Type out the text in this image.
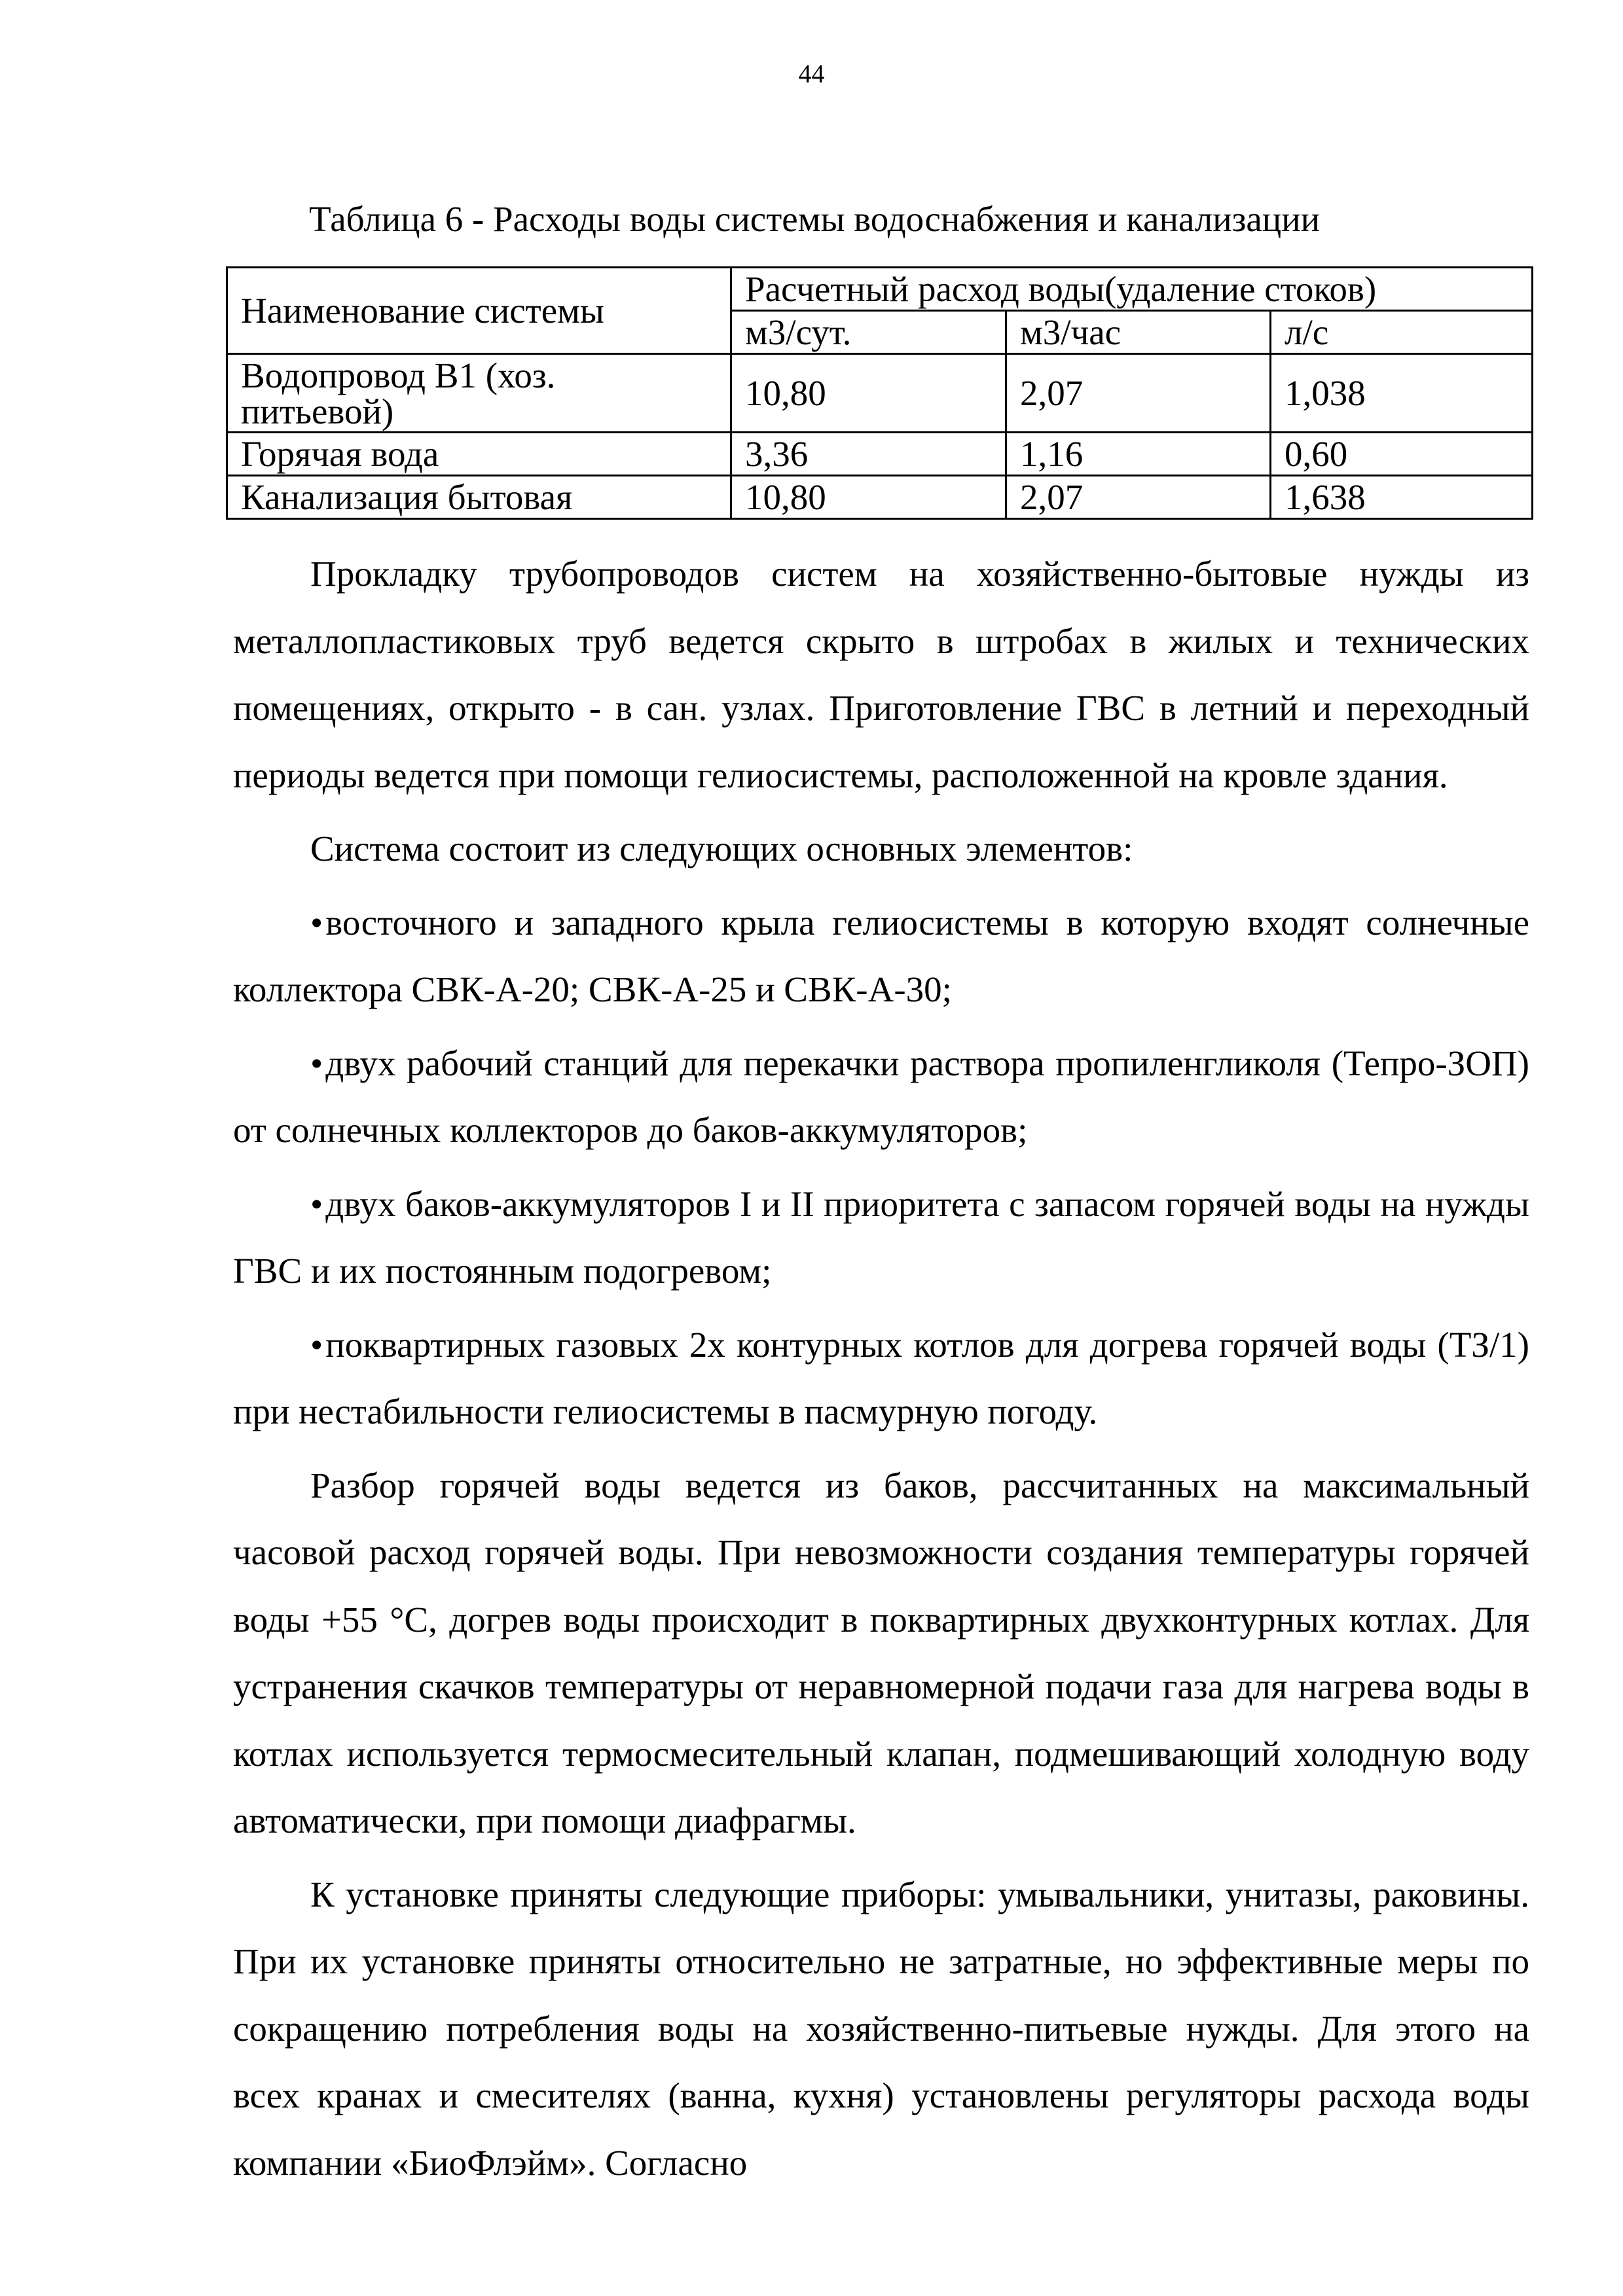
44
Таблица 6 - Расходы воды системы водоснабжения и канализации
Наименование системы	Расчетный расход воды(удаление стоков)		
	м3/сут.	м3/час	л/с
Водопровод В1 (хоз. питьевой)	10,80	2,07	1,038
Горячая вода	3,36	1,16	0,60
Канализация бытовая	10,80	2,07	1,638

Прокладку трубопроводов систем на хозяйственно-бытовые нужды из металлопластиковых труб ведется скрыто в штробах в жилых и технических помещениях, открыто - в сан. узлах. Приготовление ГВС в летний и переходный периоды ведется при помощи гелиосистемы, расположенной на кровле здания.

Система состоит из следующих основных элементов:

•восточного и западного крыла гелиосистемы в которую входят солнечные коллектора СВК-А-20; СВК-А-25 и СВК-А-30;

•двух рабочий станций для перекачки раствора пропиленгликоля (Тепро-ЗОП) от солнечных коллекторов до баков-аккумуляторов;

•двух баков-аккумуляторов I и II приоритета с запасом горячей воды на нужды ГВС и их постоянным подогревом;

•поквартирных газовых 2х контурных котлов для догрева горячей воды (ТЗ/1) при нестабильности гелиосистемы в пасмурную погоду.

Разбор горячей воды ведется из баков, рассчитанных на максимальный часовой расход горячей воды. При невозможности создания температуры горячей воды +55 °С, догрев воды происходит в поквартирных двухконтурных котлах. Для устранения скачков температуры от неравномерной подачи газа для нагрева воды в котлах используется термосмесительный клапан, подмешивающий холодную воду автоматически, при помощи диафрагмы.

К установке приняты следующие приборы: умывальники, унитазы, раковины. При их установке приняты относительно не затратные, но эффективные меры по сокращению потребления воды на хозяйственно-питьевые нужды. Для этого на всех кранах и смесителях (ванна, кухня) установлены регуляторы расхода воды компании «БиоФлэйм». Согласно
